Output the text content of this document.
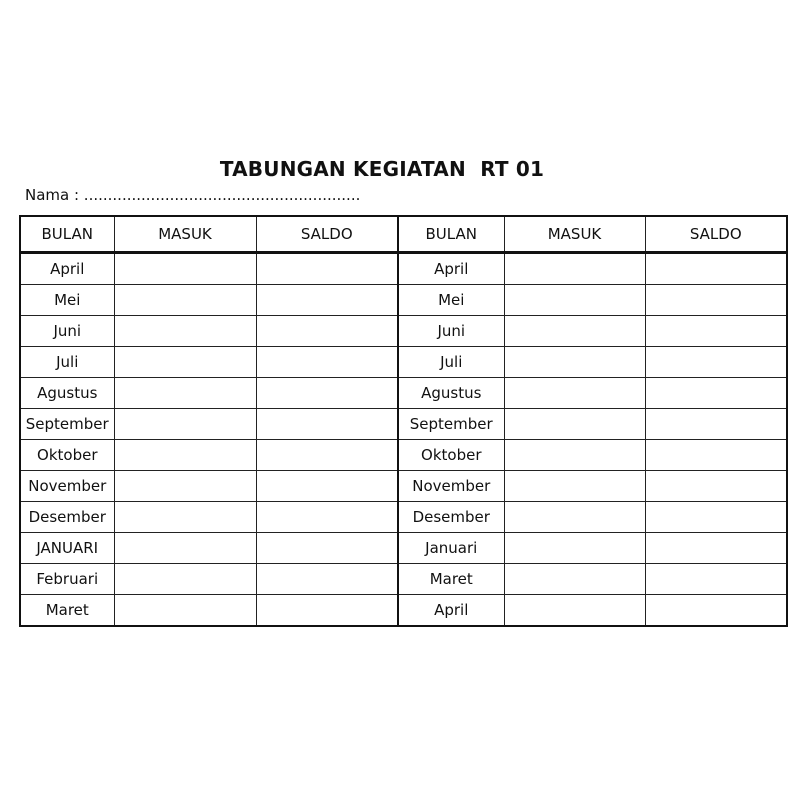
TABUNGAN KEGIATAN  RT 01
Nama : ..........................................................
BULAN	MASUK	SALDO	BULAN	MASUK	SALDO
April			April		
Mei			Mei		
Juni			Juni		
Juli			Juli		
Agustus			Agustus		
September			September		
Oktober			Oktober		
November			November		
Desember			Desember		
JANUARI			Januari		
Februari			Maret		
Maret			April		
